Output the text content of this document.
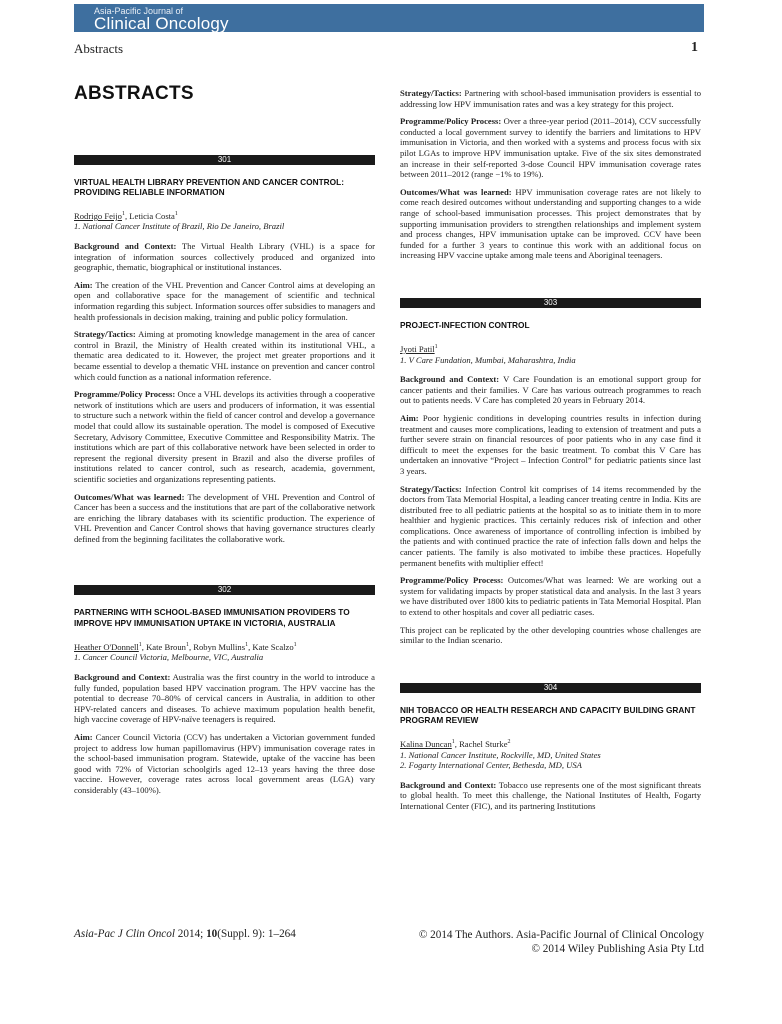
Asia-Pacific Journal of
Clinical Oncology
Abstracts	1
ABSTRACTS
301
VIRTUAL HEALTH LIBRARY PREVENTION AND CANCER CONTROL: PROVIDING RELIABLE INFORMATION
Rodrigo Feijo$^1$, Leticia Costa$^1$
1. National Cancer Institute of Brazil, Rio De Janeiro, Brazil
Background and Context: The Virtual Health Library (VHL) is a space for integration of information sources collectively produced and organized into geographic, thematic, biographical or institutional instances.
Aim: The creation of the VHL Prevention and Cancer Control aims at developing an open and collaborative space for the management of scientific and technical information regarding this subject. Information sources offer subsidies to managers and health professionals in decision making, training and public policy formulation.
Strategy/Tactics: Aiming at promoting knowledge management in the area of cancer control in Brazil, the Ministry of Health created within its institutional VHL, a thematic area dedicated to it. However, the project met greater proportions and it became essential to develop a thematic VHL instance on prevention and cancer control which could function as a national information reference.
Programme/Policy Process: Once a VHL develops its activities through a cooperative network of institutions which are users and producers of information, it was essential to structure such a network within the field of cancer control and develop a governance model that could allow its sustainable operation. The model is composed of Executive Secretary, Advisory Committee, Executive Committee and Responsibility Matrix. The institutions which are part of this collaborative network have been selected in order to represent the regional diversity present in Brazil and also the diverse profiles of institutions related to cancer control, such as research, academia, government, scientific societies and organizations representing patients.
Outcomes/What was learned: The development of VHL Prevention and Control of Cancer has been a success and the institutions that are part of the collaborative network are enriching the library databases with its scientific production. The experience of VHL Prevention and Cancer Control shows that having governance structures clearly defined from the beginning facilitates the collaborative work.
302
PARTNERING WITH SCHOOL-BASED IMMUNISATION PROVIDERS TO IMPROVE HPV IMMUNISATION UPTAKE IN VICTORIA, AUSTRALIA
Heather O'Donnell$^1$, Kate Broun$^1$, Robyn Mullins$^1$, Kate Scalzo$^1$
1. Cancer Council Victoria, Melbourne, VIC, Australia
Background and Context: Australia was the first country in the world to introduce a fully funded, population based HPV vaccination program. The HPV vaccine has the potential to decrease 70–80% of cervical cancers in Australia, in addition to other HPV-related cancers and diseases. To achieve maximum population health benefit, high vaccine coverage of HPV-naïve teenagers is required.
Aim: Cancer Council Victoria (CCV) has undertaken a Victorian government funded project to address low human papillomavirus (HPV) immunisation coverage rates in the school-based immunisation program. Statewide, uptake of the vaccine has been good with 72% of Victorian schoolgirls aged 12–13 years having the three dose vaccine. However, coverage rates across local government areas (LGA) vary considerably (43–100%).
Strategy/Tactics: Partnering with school-based immunisation providers is essential to addressing low HPV immunisation rates and was a key strategy for this project.
Programme/Policy Process: Over a three-year period (2011–2014), CCV successfully conducted a local government survey to identify the barriers and limitations to HPV immunisation in Victoria, and then worked with a systems and process focus with six pilot LGAs to improve HPV immunisation uptake. Five of the six sites demonstrated an increase in their self-reported 3-dose Council HPV immunisation coverage rates between 2011–2012 (range −1% to 19%).
Outcomes/What was learned: HPV immunisation coverage rates are not likely to come reach desired outcomes without understanding and supporting changes to a wide range of school-based immunisation processes. This project demonstrates that by supporting immunisation providers to strengthen relationships and implement system and process changes, HPV immunisation uptake can be improved. CCV have been funded for a further 3 years to continue this work with an additional focus on increasing HPV vaccine uptake among male teens and Aboriginal teenagers.
303
PROJECT-INFECTION CONTROL
Jyoti Patil$^1$
1. V Care Fundation, Mumbai, Maharashtra, India
Background and Context: V Care Foundation is an emotional support group for cancer patients and their families. V Care has various outreach programmes to reach out to patients needs. V Care has completed 20 years in February 2014.
Aim: Poor hygienic conditions in developing countries results in infection during treatment and causes more complications, leading to extension of treatment and puts a further severe strain on financial resources of poor patients who in any case find it difficult to meet the expenses for the basic treatment. To combat this V Care has undertaken an innovative “Project – Infection Control” for pediatric patients since last 3 years.
Strategy/Tactics: Infection Control kit comprises of 14 items recommended by the doctors from Tata Memorial Hospital, a leading cancer treating centre in India. Kits are distributed free to all pediatric patients at the hospital so as to initiate them in to more healthier and hygienic practices. This certainly reduces risk of infection and other complications. Once awareness of importance of controlling infection is imbibed by the patients and with continued practice the rate of infection falls down and helps the cancer patients. The family is also motivated to imbibe these practices. Hopefully permanent benefits with multiplier effect!
Programme/Policy Process: Outcomes/What was learned: We are working out a system for validating impacts by proper statistical data and analysis. In the last 3 years we have distributed over 1800 kits to pediatric patients in Tata Memorial Hospital. Plan to extend to other hospitals and cover all pediatric cases.
This project can be replicated by the other developing countries whose challenges are similar to the Indian scenario.
304
NIH TOBACCO OR HEALTH RESEARCH AND CAPACITY BUILDING GRANT PROGRAM REVIEW
Kalina Duncan$^1$, Rachel Sturke$^2$
1. National Cancer Institute, Rockville, MD, United States
2. Fogarty International Center, Bethesda, MD, USA
Background and Context: Tobacco use represents one of the most significant threats to global health. To meet this challenge, the National Institutes of Health, Fogarty International Center (FIC), and its partnering Institutions
Asia-Pac J Clin Oncol 2014; 10(Suppl. 9): 1–264	© 2014 The Authors. Asia-Pacific Journal of Clinical Oncology
© 2014 Wiley Publishing Asia Pty Ltd
